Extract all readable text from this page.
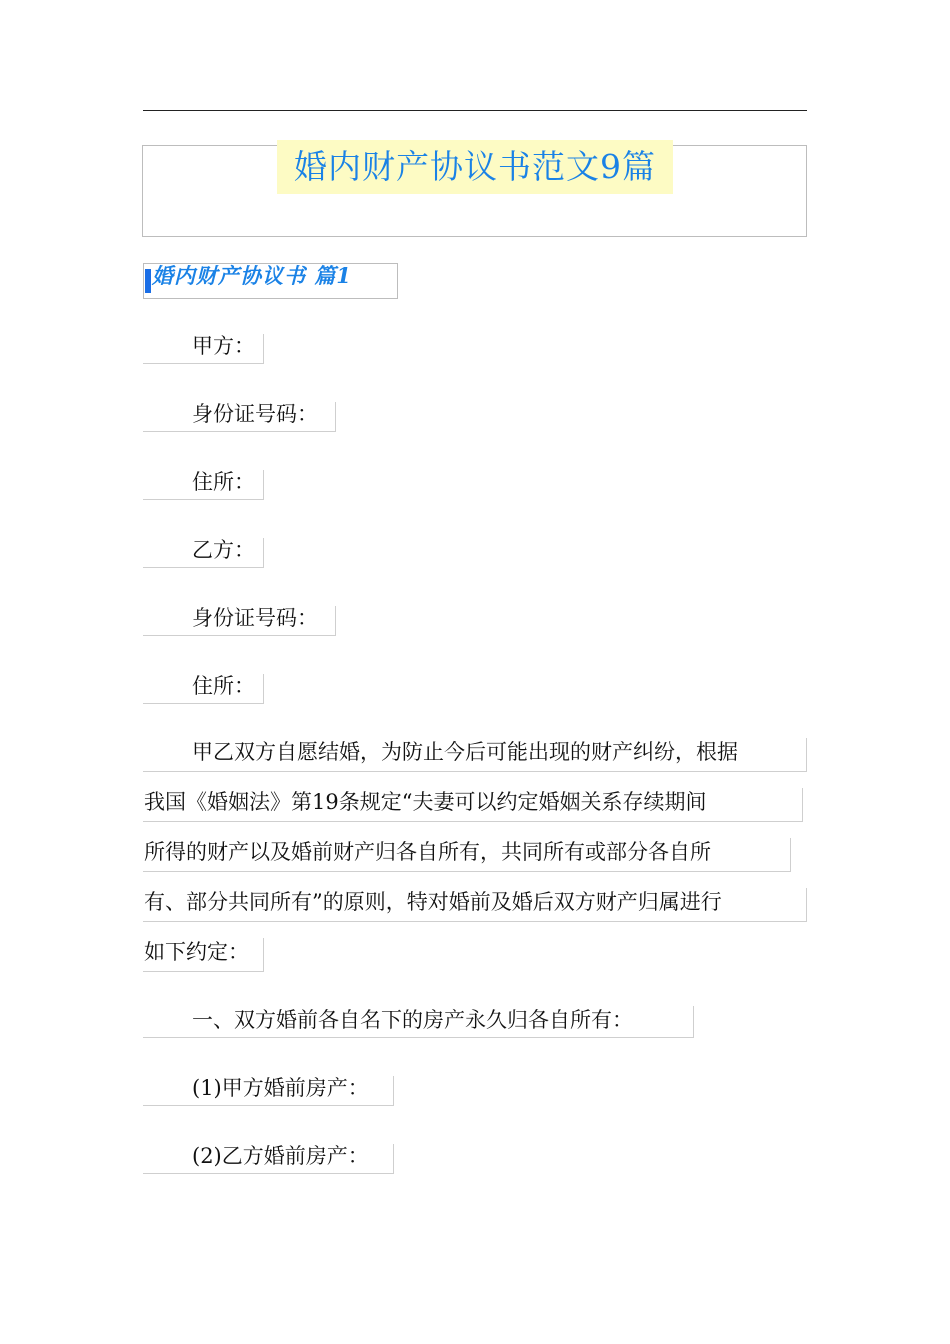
婚内财产协议书范文9篇
婚内财产协议书 篇1
甲方：
身份证号码：
住所：
乙方：
身份证号码：
住所：
甲乙双方自愿结婚，为防止今后可能出现的财产纠纷，根据
我国《婚姻法》第19条规定“夫妻可以约定婚姻关系存续期间
所得的财产以及婚前财产归各自所有，共同所有或部分各自所
有、部分共同所有”的原则，特对婚前及婚后双方财产归属进行
如下约定：
一、双方婚前各自名下的房产永久归各自所有：
(1)甲方婚前房产：
(2)乙方婚前房产：
